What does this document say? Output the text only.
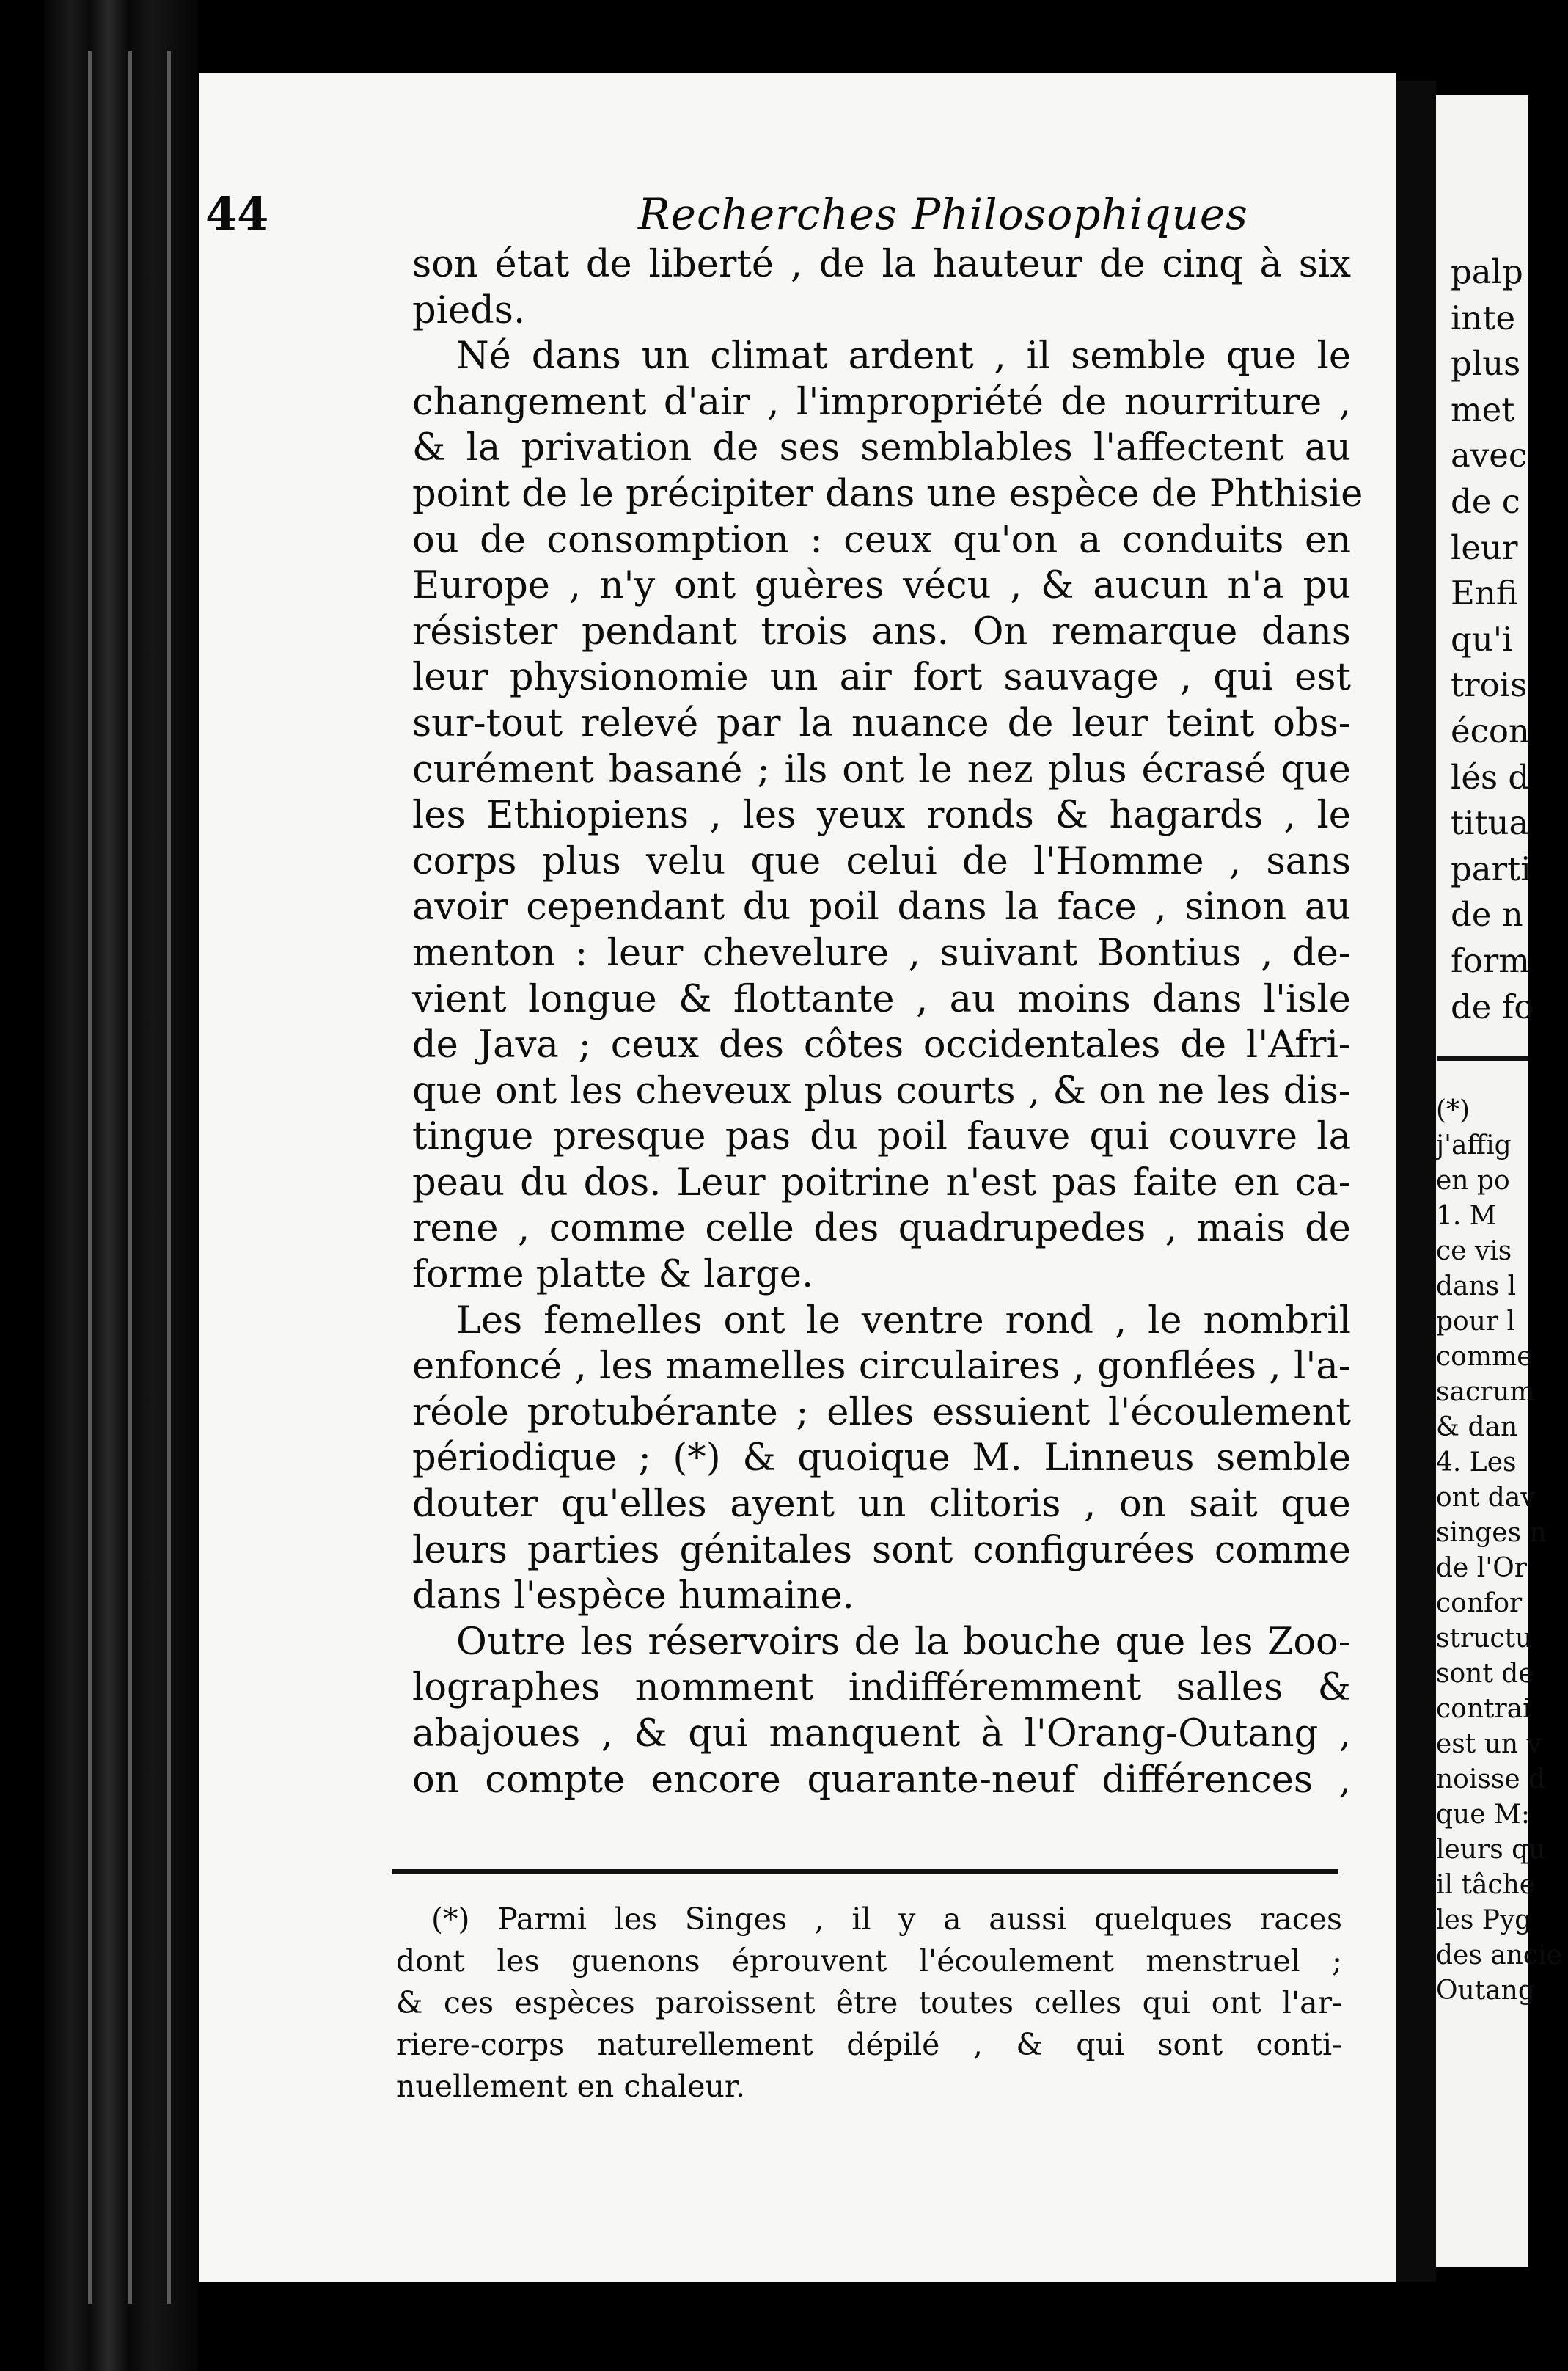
44	Recherches Philosophiques
son état de liberté , de la hauteur de cinq à six
pieds.
Né dans un climat ardent , il semble que le
changement d'air , l'impropriété de nourriture ,
& la privation de ses semblables l'affectent au
point de le précipiter dans une espèce de Phthisie
ou de consomption : ceux qu'on a conduits en
Europe , n'y ont guères vécu , & aucun n'a pu
résister pendant trois ans. On remarque dans
leur physionomie un air fort sauvage , qui est
sur-tout relevé par la nuance de leur teint obs-
curément basané ; ils ont le nez plus écrasé que
les Ethiopiens , les yeux ronds & hagards , le
corps plus velu que celui de l'Homme , sans
avoir cependant du poil dans la face , sinon au
menton : leur chevelure , suivant Bontius , de-
vient longue & flottante , au moins dans l'isle
de Java ; ceux des côtes occidentales de l'Afri-
que ont les cheveux plus courts , & on ne les dis-
tingue presque pas du poil fauve qui couvre la
peau du dos. Leur poitrine n'est pas faite en ca-
rene , comme celle des quadrupedes , mais de
forme platte & large.
Les femelles ont le ventre rond , le nombril
enfoncé , les mamelles circulaires , gonflées , l'a-
réole protubérante ; elles essuient l'écoulement
périodique ; (*) & quoique M. Linneus semble
douter qu'elles ayent un clitoris , on sait que
leurs parties génitales sont configurées comme
dans l'espèce humaine.
Outre les réservoirs de la bouche que les Zoo-
lographes nomment indifféremment salles &
abajoues , & qui manquent à l'Orang-Outang ,
on compte encore quarante-neuf différences ,
(*) Parmi les Singes , il y a aussi quelques races
dont les guenons éprouvent l'écoulement menstruel ;
& ces espèces paroissent être toutes celles qui ont l'ar-
riere-corps naturellement dépilé , & qui sont conti-
nuellement en chaleur.
palp
inte
plus
met
avec
de c
leur
Enfi
qu'i
trois
écon
lés d
titua
parti
de n
form
de fo
(*)
j'affig
en po
1. M
ce vis
dans l
pour l
comme
sacrum
& dan
4. Les
ont dav
singes n
de l'Or
confor
structu
sont de
contrai
est un v
noisse d
que M:
leurs qu
il tâche
les Pyg
des ancie
Outang
